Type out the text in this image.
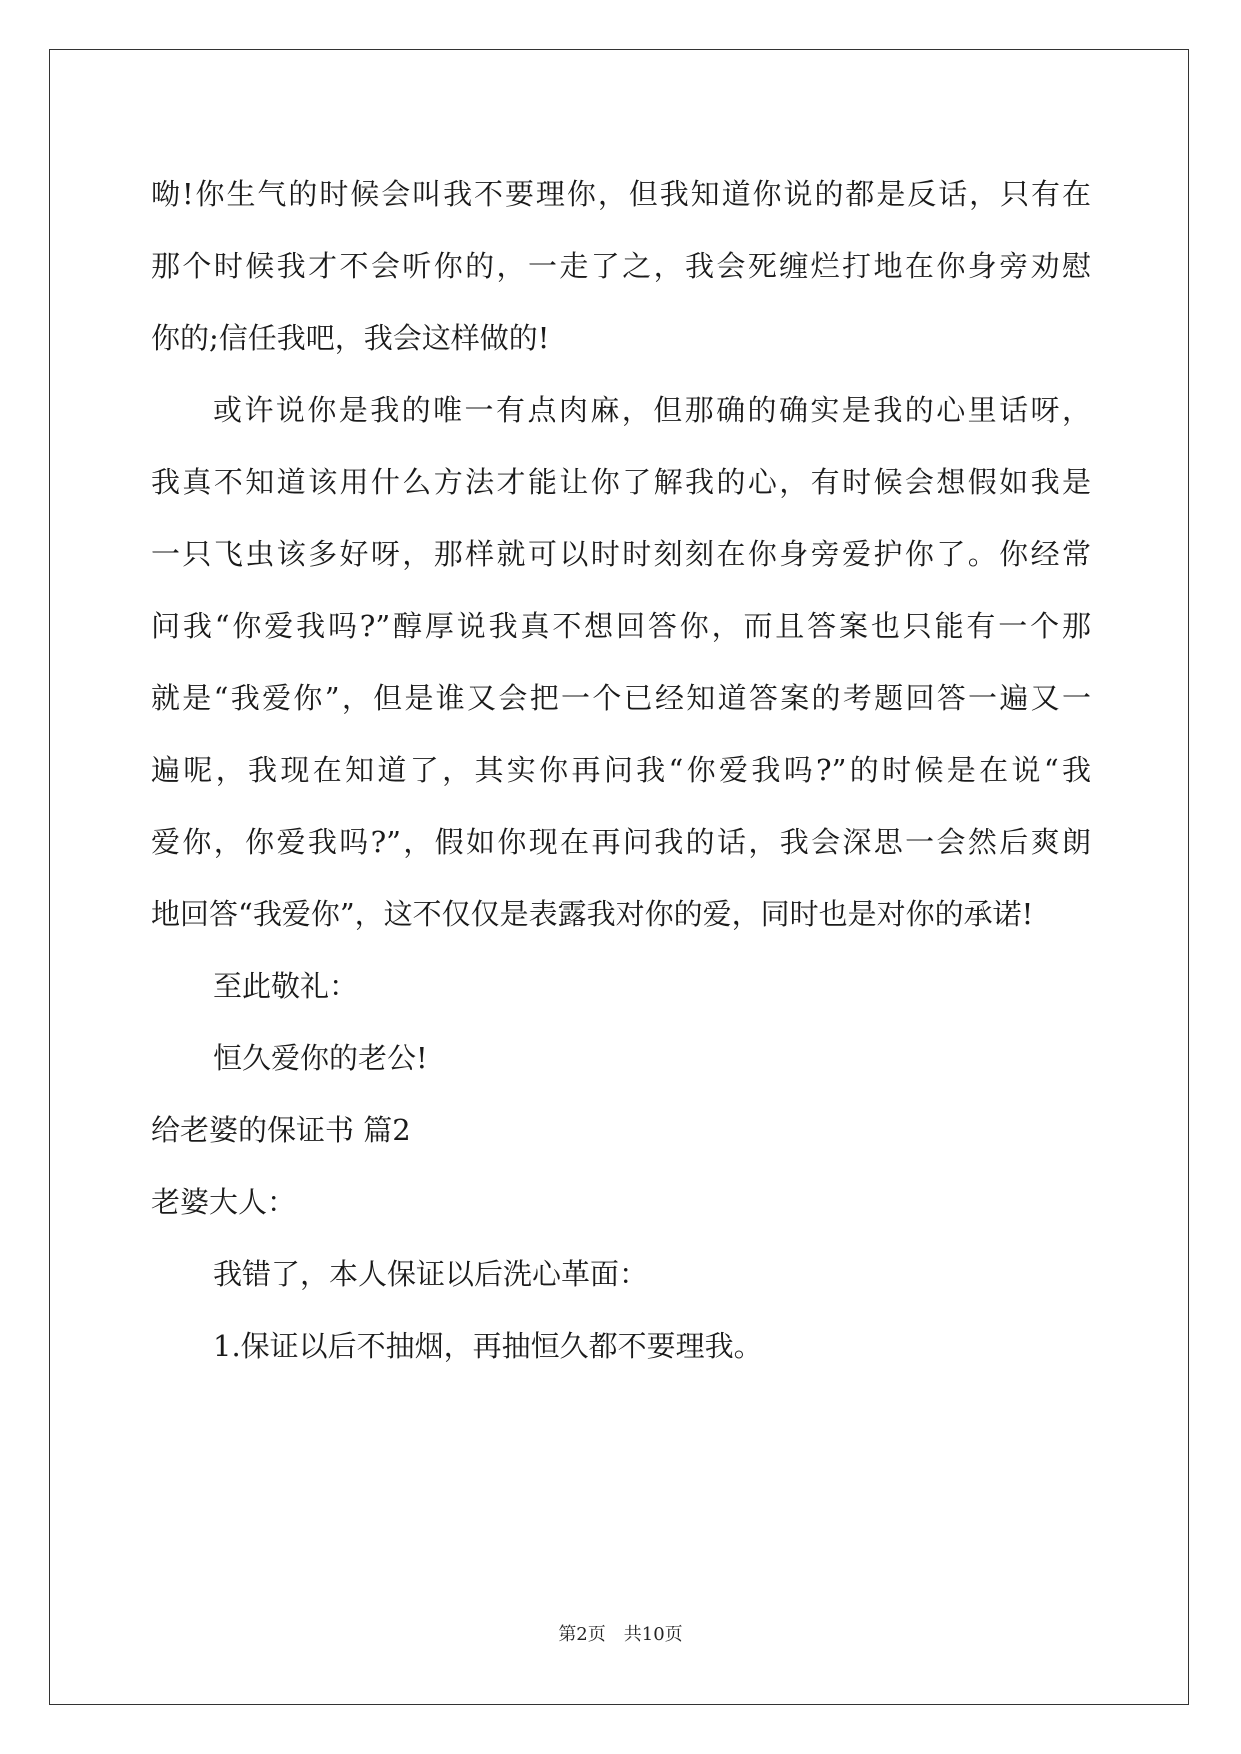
呦!你生气的时候会叫我不要理你，但我知道你说的都是反话，只有在
那个时候我才不会听你的，一走了之，我会死缠烂打地在你身旁劝慰
你的;信任我吧，我会这样做的!
或许说你是我的唯一有点肉麻，但那确的确实是我的心里话呀，
我真不知道该用什么方法才能让你了解我的心，有时候会想假如我是
一只飞虫该多好呀，那样就可以时时刻刻在你身旁爱护你了。你经常
问我“你爱我吗?”醇厚说我真不想回答你，而且答案也只能有一个那
就是“我爱你”，但是谁又会把一个已经知道答案的考题回答一遍又一
遍呢，我现在知道了，其实你再问我“你爱我吗?”的时候是在说“我
爱你，你爱我吗?”，假如你现在再问我的话，我会深思一会然后爽朗
地回答“我爱你”，这不仅仅是表露我对你的爱，同时也是对你的承诺!
至此敬礼：
恒久爱你的老公!
给老婆的保证书 篇2
老婆大人：
我错了，本人保证以后洗心革面：
1.保证以后不抽烟，再抽恒久都不要理我。
第2页　共10页
